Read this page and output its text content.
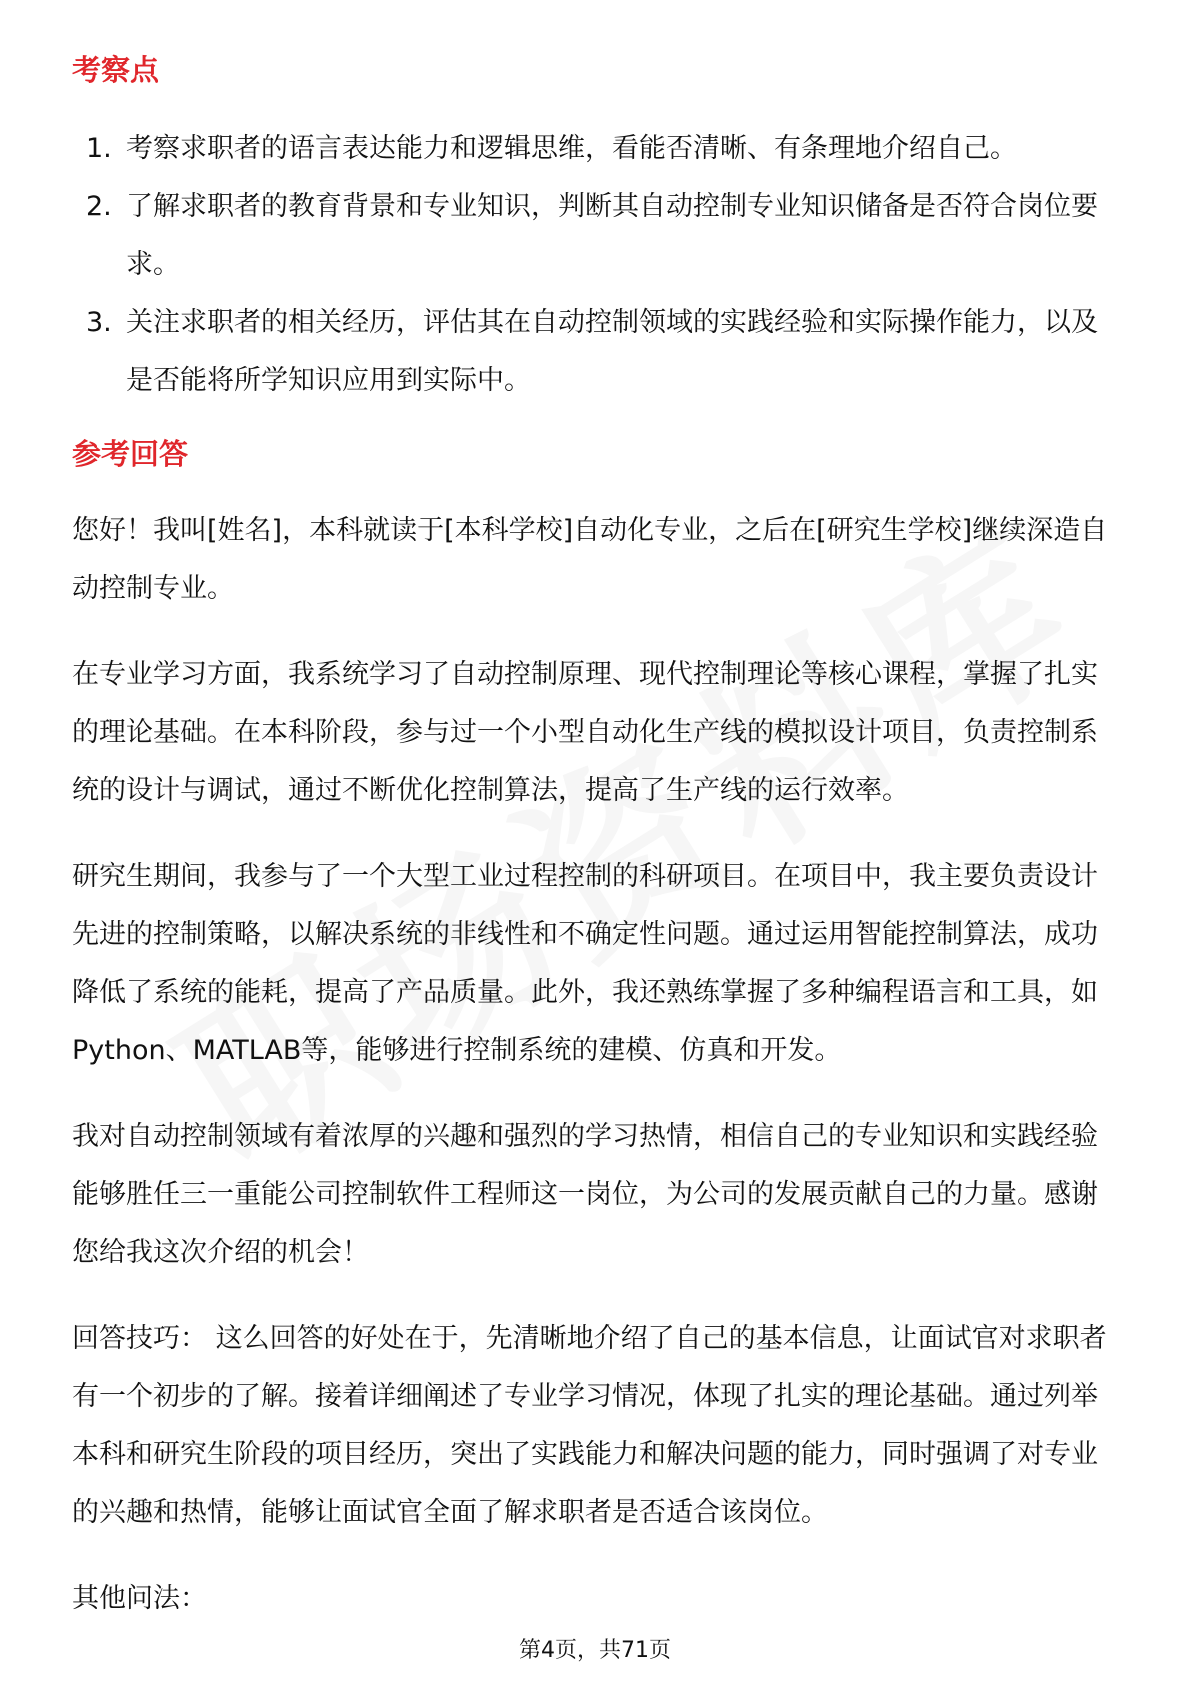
考察点
1. 考察求职者的语言表达能力和逻辑思维，看能否清晰、有条理地介绍自己。
2. 了解求职者的教育背景和专业知识，判断其自动控制专业知识储备是否符合岗位要求。
3. 关注求职者的相关经历，评估其在自动控制领域的实践经验和实际操作能力，以及是否能将所学知识应用到实际中。
参考回答

您好！我叫[姓名]，本科就读于[本科学校]自动化专业，之后在[研究生学校]继续深造自动控制专业。

在专业学习方面，我系统学习了自动控制原理、现代控制理论等核心课程，掌握了扎实的理论基础。在本科阶段，参与过一个小型自动化生产线的模拟设计项目，负责控制系统的设计与调试，通过不断优化控制算法，提高了生产线的运行效率。

研究生期间，我参与了一个大型工业过程控制的科研项目。在项目中，我主要负责设计先进的控制策略，以解决系统的非线性和不确定性问题。通过运用智能控制算法，成功降低了系统的能耗，提高了产品质量。此外，我还熟练掌握了多种编程语言和工具，如Python、MATLAB等，能够进行控制系统的建模、仿真和开发。

我对自动控制领域有着浓厚的兴趣和强烈的学习热情，相信自己的专业知识和实践经验能够胜任三一重能公司控制软件工程师这一岗位，为公司的发展贡献自己的力量。感谢您给我这次介绍的机会！

回答技巧： 这么回答的好处在于，先清晰地介绍了自己的基本信息，让面试官对求职者有一个初步的了解。接着详细阐述了专业学习情况，体现了扎实的理论基础。通过列举本科和研究生阶段的项目经历，突出了实践能力和解决问题的能力，同时强调了对专业的兴趣和热情，能够让面试官全面了解求职者是否适合该岗位。

其他问法：

第4页，共71页
